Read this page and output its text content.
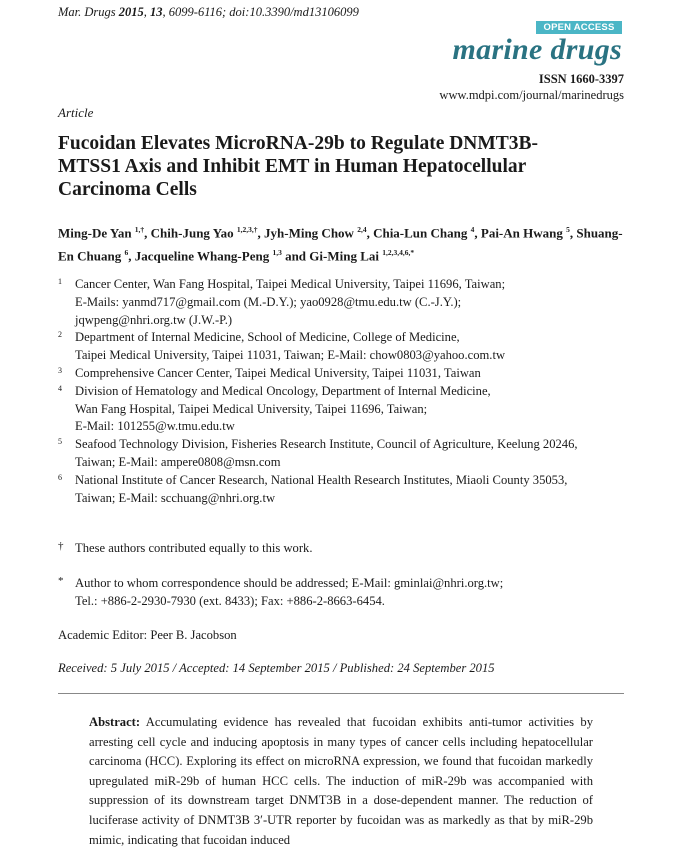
Mar. Drugs 2015, 13, 6099-6116; doi:10.3390/md13106099
OPEN ACCESS
marine drugs
ISSN 1660-3397
www.mdpi.com/journal/marinedrugs
Article
Fucoidan Elevates MicroRNA-29b to Regulate DNMT3B-MTSS1 Axis and Inhibit EMT in Human Hepatocellular Carcinoma Cells
Ming-De Yan $^{1,\dagger}$, Chih-Jung Yao $^{1,2,3,\dagger}$, Jyh-Ming Chow $^{2,4}$, Chia-Lun Chang $^4$, Pai-An Hwang $^5$, Shuang-En Chuang $^6$, Jacqueline Whang-Peng $^{1,3}$ and Gi-Ming Lai $^{1,2,3,4,6,*}$
1 Cancer Center, Wan Fang Hospital, Taipei Medical University, Taipei 11696, Taiwan;
E-Mails: yanmd717@gmail.com (M.-D.Y.); yao0928@tmu.edu.tw (C.-J.Y.);
jqwpeng@nhri.org.tw (J.W.-P.)
2 Department of Internal Medicine, School of Medicine, College of Medicine,
Taipei Medical University, Taipei 11031, Taiwan; E-Mail: chow0803@yahoo.com.tw
3 Comprehensive Cancer Center, Taipei Medical University, Taipei 11031, Taiwan
4 Division of Hematology and Medical Oncology, Department of Internal Medicine,
Wan Fang Hospital, Taipei Medical University, Taipei 11696, Taiwan;
E-Mail: 101255@w.tmu.edu.tw
5 Seafood Technology Division, Fisheries Research Institute, Council of Agriculture, Keelung 20246,
Taiwan; E-Mail: ampere0808@msn.com
6 National Institute of Cancer Research, National Health Research Institutes, Miaoli County 35053,
Taiwan; E-Mail: scchuang@nhri.org.tw
† These authors contributed equally to this work.
* Author to whom correspondence should be addressed; E-Mail: gminlai@nhri.org.tw;
Tel.: +886-2-2930-7930 (ext. 8433); Fax: +886-2-8663-6454.
Academic Editor: Peer B. Jacobson
Received: 5 July 2015 / Accepted: 14 September 2015 / Published: 24 September 2015
Abstract: Accumulating evidence has revealed that fucoidan exhibits anti-tumor activities by arresting cell cycle and inducing apoptosis in many types of cancer cells including hepatocellular carcinoma (HCC). Exploring its effect on microRNA expression, we found that fucoidan markedly upregulated miR-29b of human HCC cells. The induction of miR-29b was accompanied with suppression of its downstream target DNMT3B in a dose-dependent manner. The reduction of luciferase activity of DNMT3B 3′-UTR reporter by fucoidan was as markedly as that by miR-29b mimic, indicating that fucoidan induced
